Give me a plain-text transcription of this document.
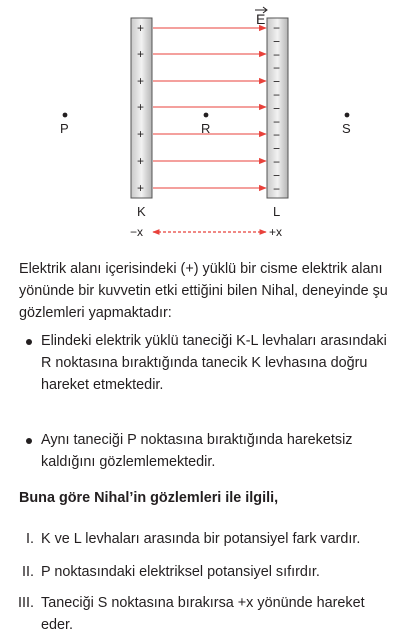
+
+
+
+
+
+
+
−
−
−
−
−
−
−
−
−
−
−
−
−
E
P	R	S
K	L
−x	+x

Elektrik alanı içerisindeki (+) yüklü bir cisme elektrik alanı yönünde bir kuvvetin etki ettiğini bilen Nihal, deneyinde şu gözlemleri yapmaktadır:

Elindeki elektrik yüklü taneciği K-L levhaları arasındaki R noktasına bıraktığında tanecik K levhasına doğru hareket etmektedir.

Aynı taneciği P noktasına bıraktığında hareketsiz kaldığını gözlemlemektedir.

Buna göre Nihal’in gözlemleri ile ilgili,

I. K ve L levhaları arasında bir potansiyel fark vardır.

II. P noktasındaki elektriksel potansiyel sıfırdır.

III. Taneciği S noktasına bırakırsa +x yönünde hareket eder.
